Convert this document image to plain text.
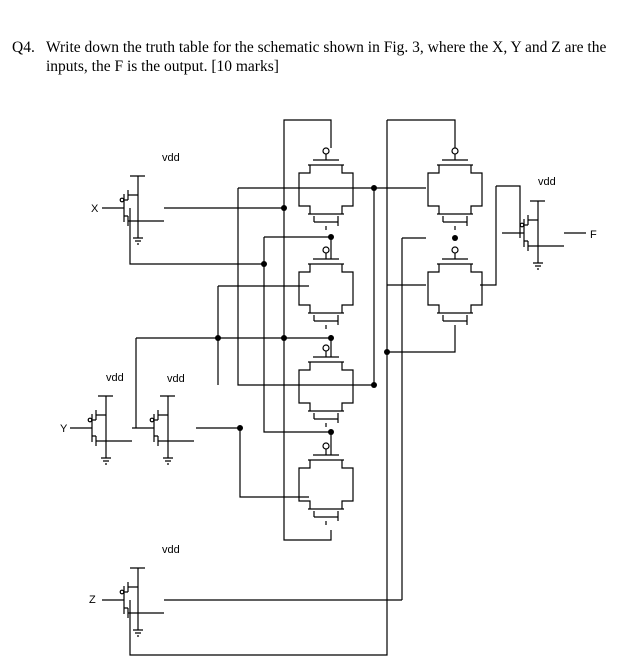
Q4. Write down the truth table for the schematic shown in Fig. 3, where the X, Y and Z are the inputs, the F is the output. [10 marks]
vdd
vdd	vdd
vdd
vdd
X
Y
Z
F
